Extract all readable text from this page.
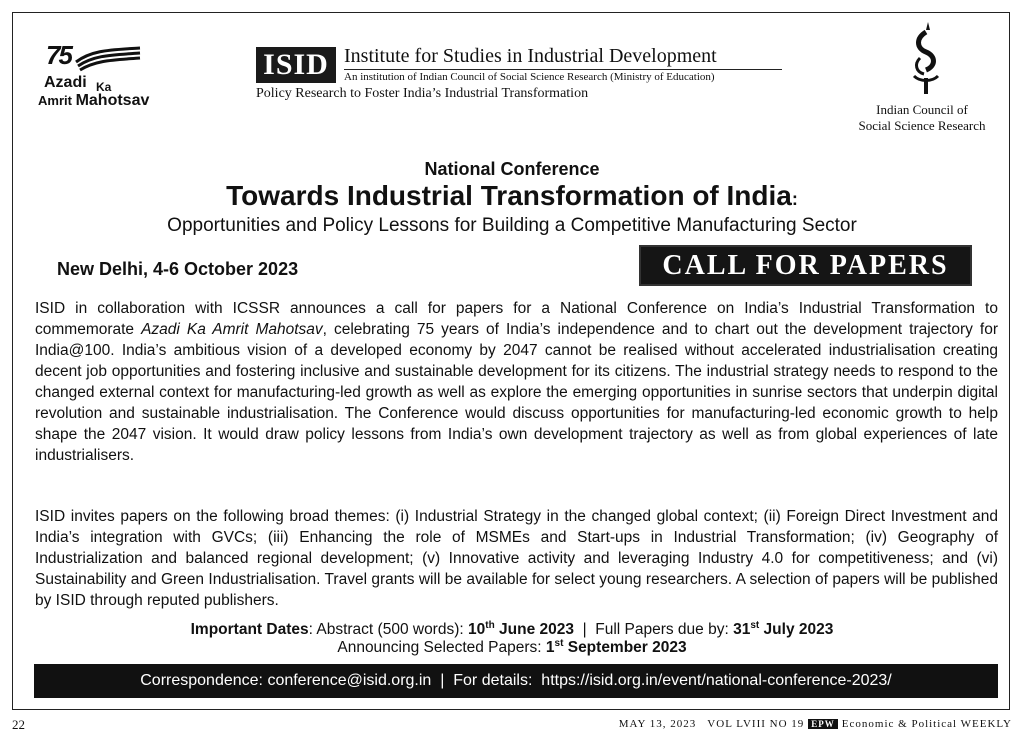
75
Azadi Ka
Amrit Mahotsav
ISID Institute for Studies in Industrial Development
An institution of Indian Council of Social Science Research (Ministry of Education)
Policy Research to Foster India’s Industrial Transformation
Indian Council of
Social Science Research
National Conference
Towards Industrial Transformation of India:
Opportunities and Policy Lessons for Building a Competitive Manufacturing Sector
New Delhi, 4-6 October 2023	CALL FOR PAPERS
ISID in collaboration with ICSSR announces a call for papers for a National Conference on India’s Industrial Transformation to commemorate Azadi Ka Amrit Mahotsav, celebrating 75 years of India’s independence and to chart out the development trajectory for India@100. India’s ambitious vision of a developed economy by 2047 cannot be realised without accelerated industrialisation creating decent job opportunities and fostering inclusive and sustainable development for its citizens. The industrial strategy needs to respond to the changed external context for manufacturing-led growth as well as explore the emerging opportunities in sunrise sectors that underpin digital revolution and sustainable industrialisation. The Conference would discuss opportunities for manufacturing-led economic growth to help shape the 2047 vision. It would draw policy lessons from India’s own development trajectory as well as from global experiences of late industrialisers.
ISID invites papers on the following broad themes: (i) Industrial Strategy in the changed global context; (ii) Foreign Direct Investment and India’s integration with GVCs; (iii) Enhancing the role of MSMEs and Start-ups in Industrial Transformation; (iv) Geography of Industrialization and balanced regional development; (v) Innovative activity and leveraging Industry 4.0 for competitiveness; and (vi) Sustainability and Green Industrialisation. Travel grants will be available for select young researchers. A selection of papers will be published by ISID through reputed publishers.
Important Dates: Abstract (500 words): 10th June 2023  |  Full Papers due by: 31st July 2023
Announcing Selected Papers: 1st September 2023
Correspondence: conference@isid.org.in  |  For details:  https://isid.org.in/event/national-conference-2023/
22	MAY 13, 2023   VOL LVIII NO 19 EPW Economic & Political WEEKLY
